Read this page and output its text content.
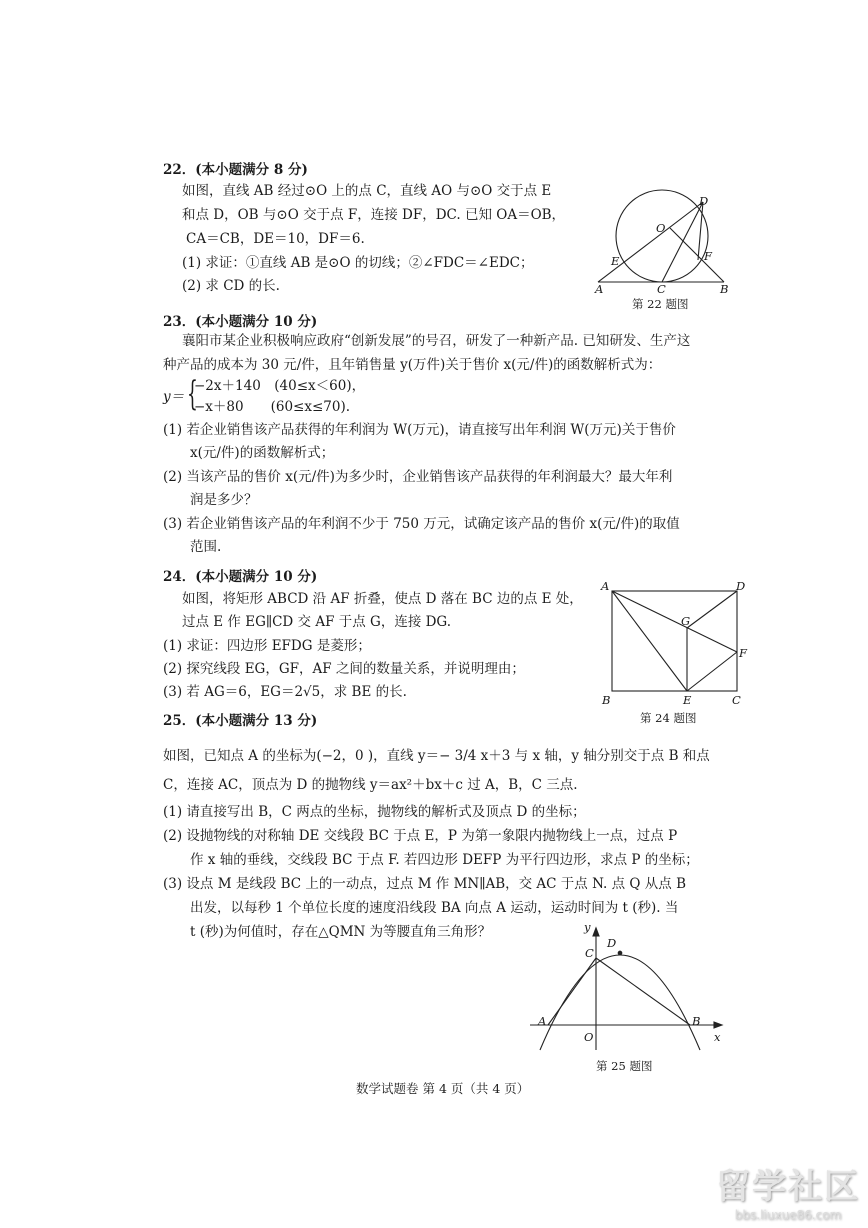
22．(本小题满分 8 分)
如图，直线 AB 经过⊙O 上的点 C，直线 AO 与⊙O 交于点 E
和点 D，OB 与⊙O 交于点 F，连接 DF，DC. 已知 OA＝OB，
CA＝CB，DE＝10，DF＝6.
(1) 求证：①直线 AB 是⊙O 的切线；②∠FDC＝∠EDC；
(2) 求 CD 的长.
D
O
E	F
A	C	B
第 22 题图
23．(本小题满分 10 分)
襄阳市某企业积极响应政府“创新发展”的号召，研发了一种新产品. 已知研发、生产这
种产品的成本为 30 元/件，且年销售量 y(万件)关于售价 x(元/件)的函数解析式为：
y＝ {
−2x＋140　(40≤x＜60)，
−x＋80　　(60≤x≤70).
(1) 若企业销售该产品获得的年利润为 W(万元)，请直接写出年利润 W(万元)关于售价
x(元/件)的函数解析式；
(2) 当该产品的售价 x(元/件)为多少时，企业销售该产品获得的年利润最大？最大年利
润是多少？
(3) 若企业销售该产品的年利润不少于 750 万元，试确定该产品的售价 x(元/件)的取值
范围.
24．(本小题满分 10 分)
如图，将矩形 ABCD 沿 AF 折叠，使点 D 落在 BC 边的点 E 处，
过点 E 作 EG∥CD 交 AF 于点 G，连接 DG.
(1) 求证：四边形 EFDG 是菱形；
(2) 探究线段 EG，GF，AF 之间的数量关系，并说明理由；
(3) 若 AG＝6，EG＝2√5，求 BE 的长.
A	D
G
F
B	E	C
第 24 题图
25．(本小题满分 13 分)
如图，已知点 A 的坐标为(−2，0 )，直线 y＝− 3/4 x＋3 与 x 轴，y 轴分别交于点 B 和点
C，连接 AC，顶点为 D 的抛物线 y＝ax²＋bx＋c 过 A，B，C 三点.
(1) 请直接写出 B，C 两点的坐标，抛物线的解析式及顶点 D 的坐标；
(2) 设抛物线的对称轴 DE 交线段 BC 于点 E，P 为第一象限内抛物线上一点，过点 P
作 x 轴的垂线，交线段 BC 于点 F. 若四边形 DEFP 为平行四边形，求点 P 的坐标；
(3) 设点 M 是线段 BC 上的一动点，过点 M 作 MN∥AB，交 AC 于点 N. 点 Q 从点 B
出发，以每秒 1 个单位长度的速度沿线段 BA 向点 A 运动，运动时间为 t (秒). 当
t (秒)为何值时，存在△QMN 为等腰直角三角形？	y
D
C
A	B
O	x
第 25 题图
数学试题卷 第 4 页（共 4 页）
留学社区
bbs.liuxue86.com
